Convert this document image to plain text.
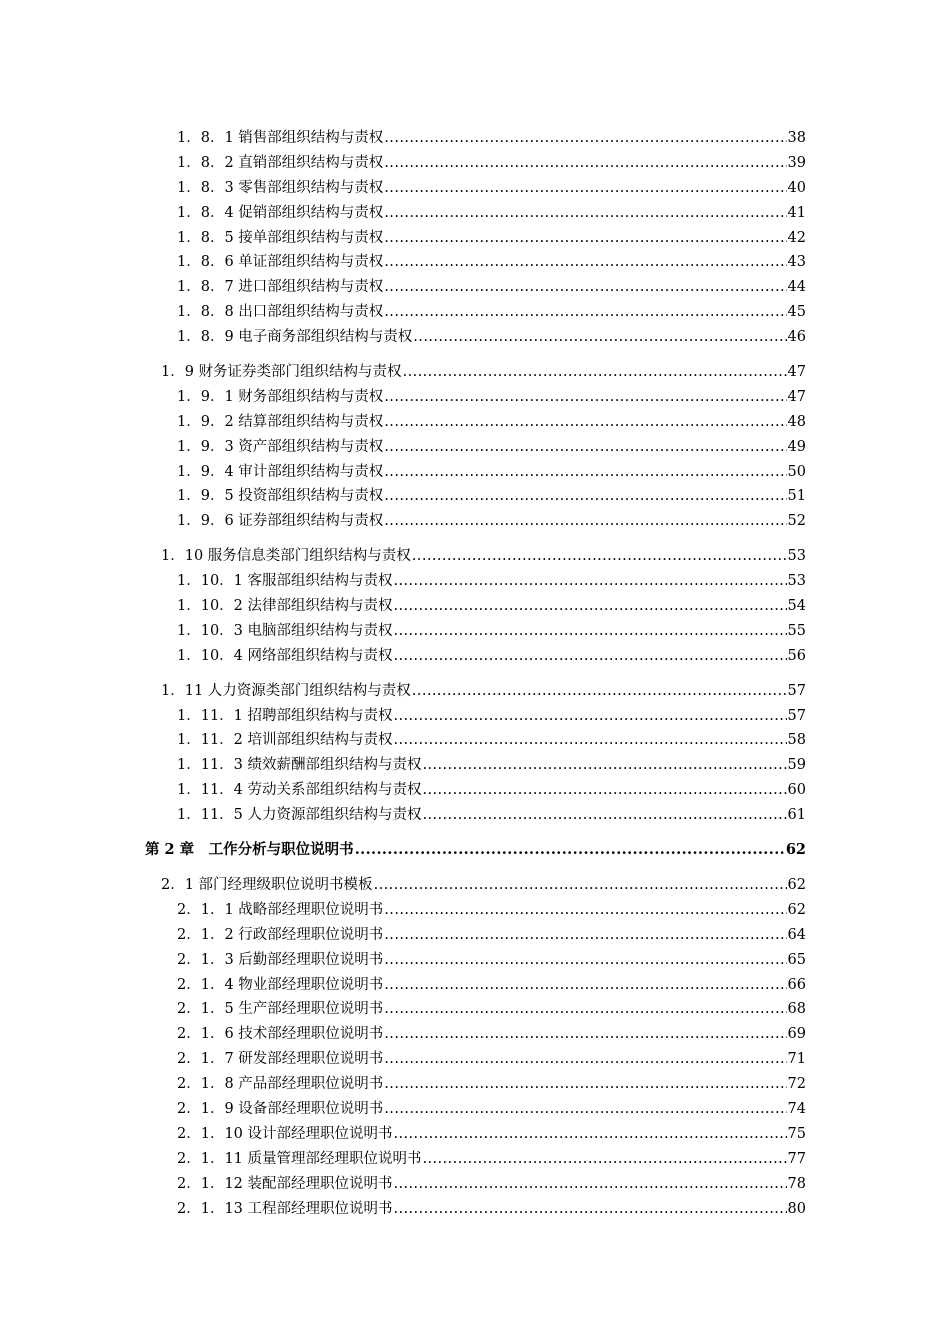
1．8．1 销售部组织结构与责权 .....	38
1．8．2 直销部组织结构与责权 .....	39
1．8．3 零售部组织结构与责权 .....	40
1．8．4 促销部组织结构与责权 .....	41
1．8．5 接单部组织结构与责权 .....	42
1．8．6 单证部组织结构与责权 .....	43
1．8．7 进口部组织结构与责权 .....	44
1．8．8 出口部组织结构与责权 .....	45
1．8．9 电子商务部组织结构与责权 .....	46
1．9 财务证券类部门组织结构与责权 .....	47
1．9．1 财务部组织结构与责权 .....	47
1．9．2 结算部组织结构与责权 .....	48
1．9．3 资产部组织结构与责权 .....	49
1．9．4 审计部组织结构与责权 .....	50
1．9．5 投资部组织结构与责权 .....	51
1．9．6 证券部组织结构与责权 .....	52
1．10 服务信息类部门组织结构与责权 .....	53
1．10．1 客服部组织结构与责权 .....	53
1．10．2 法律部组织结构与责权 .....	54
1．10．3 电脑部组织结构与责权 .....	55
1．10．4 网络部组织结构与责权 .....	56
1．11 人力资源类部门组织结构与责权 .....	57
1．11．1 招聘部组织结构与责权 .....	57
1．11．2 培训部组织结构与责权 .....	58
1．11．3 绩效薪酬部组织结构与责权 .....	59
1．11．4 劳动关系部组织结构与责权 .....	60
1．11．5 人力资源部组织结构与责权 .....	61
第 2 章　工作分析与职位说明书 .....	62
2．1 部门经理级职位说明书模板 .....	62
2．1．1 战略部经理职位说明书 .....	62
2．1．2 行政部经理职位说明书 .....	64
2．1．3 后勤部经理职位说明书 .....	65
2．1．4 物业部经理职位说明书 .....	66
2．1．5 生产部经理职位说明书 .....	68
2．1．6 技术部经理职位说明书 .....	69
2．1．7 研发部经理职位说明书 .....	71
2．1．8 产品部经理职位说明书 .....	72
2．1．9 设备部经理职位说明书 .....	74
2．1．10 设计部经理职位说明书 .....	75
2．1．11 质量管理部经理职位说明书 .....	77
2．1．12 装配部经理职位说明书 .....	78
2．1．13 工程部经理职位说明书 .....	80
